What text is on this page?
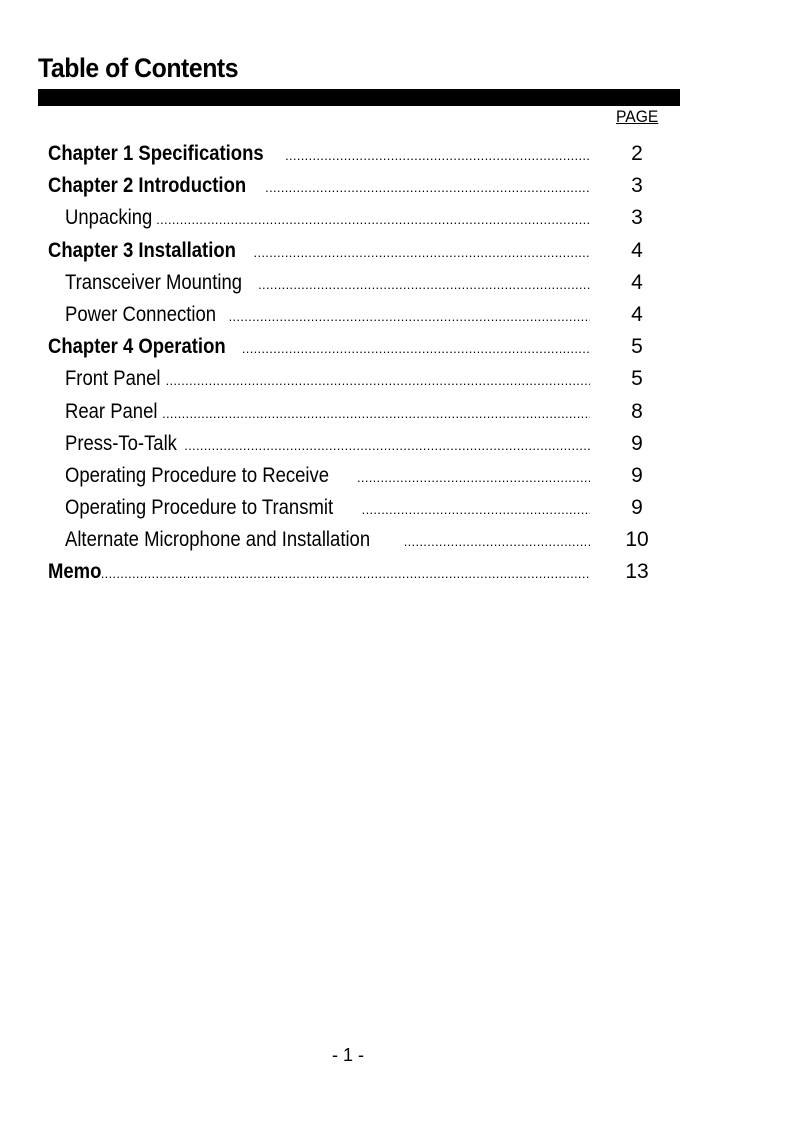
Table of Contents
PAGE
Chapter 1 Specifications .....	2
Chapter 2 Introduction .....	3
Unpacking .....	3
Chapter 3 Installation .....	4
Transceiver Mounting .....	4
Power Connection .....	4
Chapter 4 Operation .....	5
Front Panel .....	5
Rear Panel .....	8
Press-To-Talk .....	9
Operating Procedure to Receive .....	9
Operating Procedure to Transmit .....	9
Alternate Microphone and Installation .....	10
Memo .....	13
- 1 -
